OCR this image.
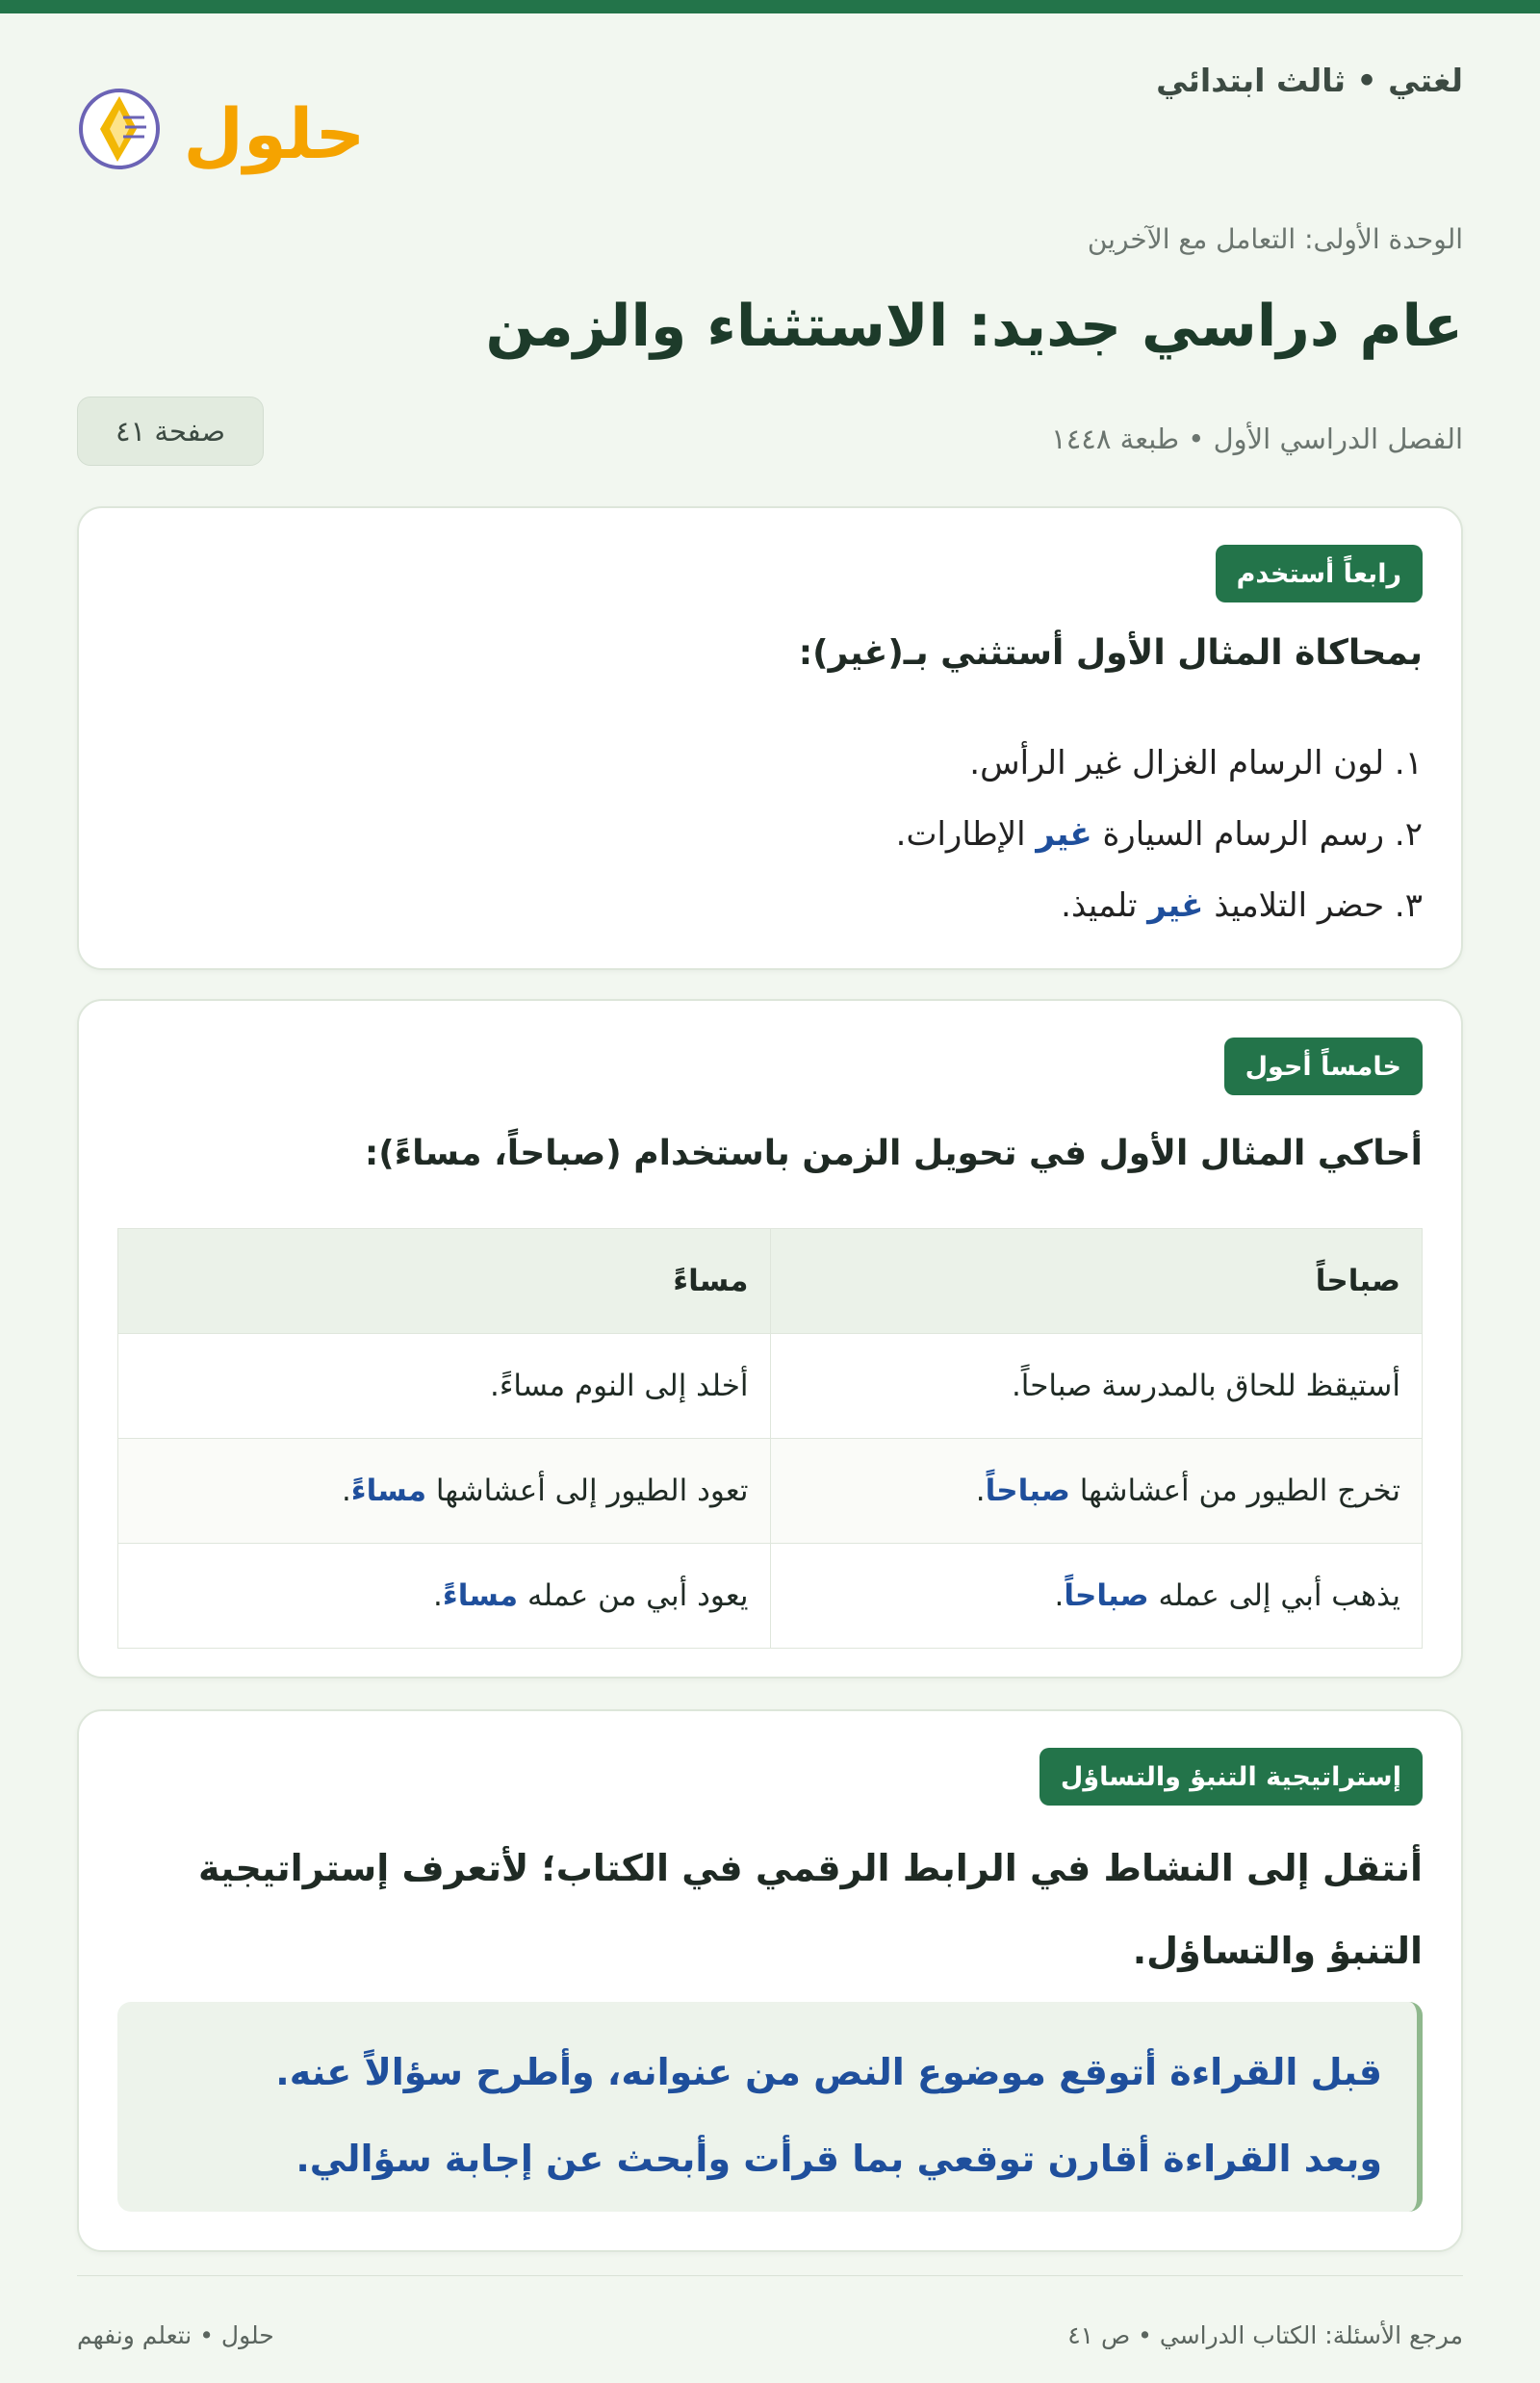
لغتي • ثالث ابتدائي
حلول
الوحدة الأولى: التعامل مع الآخرين
عام دراسي جديد: الاستثناء والزمن
الفصل الدراسي الأول • طبعة ١٤٤٨
صفحة ٤١
رابعاً أستخدم
بمحاكاة المثال الأول أستثني بـ(غير):
١. لون الرسام الغزال غير الرأس.
٢. رسم الرسام السيارة غير الإطارات.
٣. حضر التلاميذ غير تلميذ.
خامساً أحول
أحاكي المثال الأول في تحويل الزمن باستخدام (صباحاً، مساءً):
صباحاً	مساءً
أستيقظ للحاق بالمدرسة صباحاً.	أخلد إلى النوم مساءً.
تخرج الطيور من أعشاشها صباحاً.	تعود الطيور إلى أعشاشها مساءً.
يذهب أبي إلى عمله صباحاً.	يعود أبي من عمله مساءً.
إستراتيجية التنبؤ والتساؤل
أنتقل إلى النشاط في الرابط الرقمي في الكتاب؛ لأتعرف إستراتيجية
التنبؤ والتساؤل.

قبل القراءة أتوقع موضوع النص من عنوانه، وأطرح سؤالاً عنه.

وبعد القراءة أقارن توقعي بما قرأت وأبحث عن إجابة سؤالي.

مرجع الأسئلة: الكتاب الدراسي • ص ٤١
حلول • نتعلم ونفهم
